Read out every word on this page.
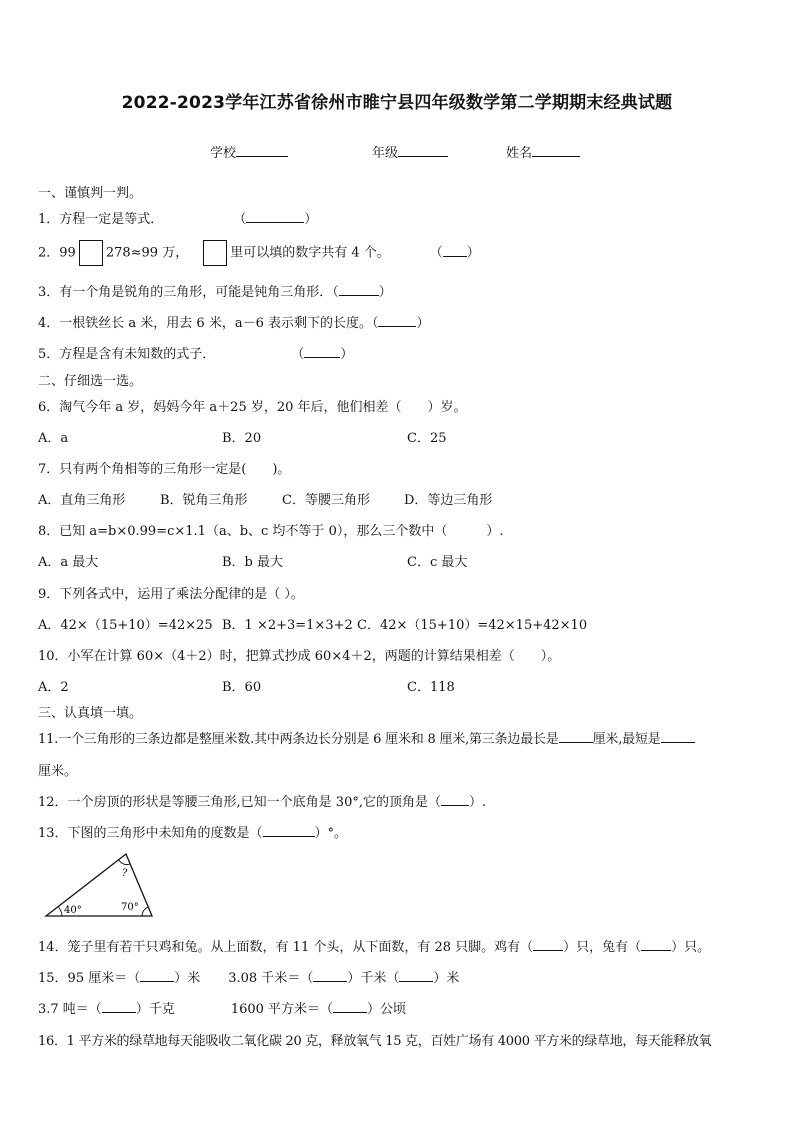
2022-2023学年江苏省徐州市睢宁县四年级数学第二学期期末经典试题
学校	年级	姓名
一、谨慎判一判。
1．方程一定是等式．	（	）
2．99 278≈99 万，	里可以填的数字共有 4 个。	（ ）
3．有一个角是锐角的三角形，可能是钝角三角形．（	）
4．一根铁丝长 a 米，用去 6 米，a－6 表示剩下的长度。（	）
5．方程是含有未知数的式子．	（	）
二、仔细选一选。
6．淘气今年 a 岁，妈妈今年 a＋25 岁，20 年后，他们相差（　　）岁。
A．a	B．20	C．25
7．只有两个角相等的三角形一定是(　　)。
A．直角三角形	B．锐角三角形	C．等腰三角形	D．等边三角形
8．已知 a=b×0.99=c×1.1（a、b、c 均不等于 0），那么三个数中（　　　）.
A．a 最大	B．b 最大	C．c 最大
9．下列各式中，运用了乘法分配律的是（ ）。
A．42×（15+10）=42×25 B．1 ×2+3=1×3+2 C．42×（15+10）=42×15+42×10
10．小军在计算 60×（4＋2）时，把算式抄成 60×4＋2，两题的计算结果相差（　　）。
A．2	B．60	C．118
三、认真填一填。
11.一个三角形的三条边都是整厘米数.其中两条边长分别是 6 厘米和 8 厘米,第三条边最长是	厘米,最短是
厘米。
12．一个房顶的形状是等腰三角形,已知一个底角是 30°,它的顶角是（ ）.
13．下图的三角形中未知角的度数是（	）°。
40°	70°
?
14．笼子里有若干只鸡和兔。从上面数，有 11 个头，从下面数，有 28 只脚。鸡有（ ）只，兔有（ ）只。
15．95 厘米＝（	）米 3.08 千米＝（	）千米（	）米
3.7 吨＝（	）千克	1600 平方米＝（	）公顷
16．1 平方米的绿草地每天能吸收二氧化碳 20 克，释放氧气 15 克，百姓广场有 4000 平方米的绿草地，每天能释放氧
